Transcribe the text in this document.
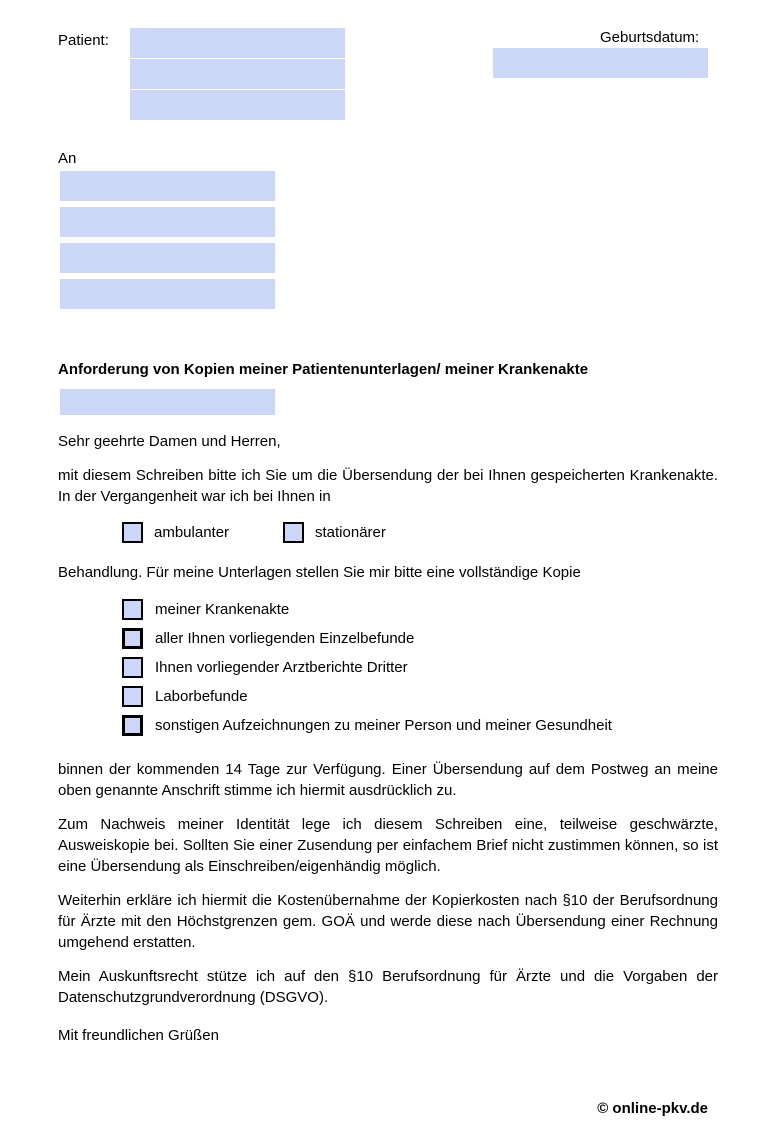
Patient:	Geburtsdatum:
An
Anforderung von Kopien meiner Patientenunterlagen/ meiner Krankenakte
Sehr geehrte Damen und Herren,
mit diesem Schreiben bitte ich Sie um die Übersendung der bei Ihnen gespeicherten Krankenakte. In der Vergangenheit war ich bei Ihnen in
ambulanter	stationärer
Behandlung. Für meine Unterlagen stellen Sie mir bitte eine vollständige Kopie
meiner Krankenakte
aller Ihnen vorliegenden Einzelbefunde
Ihnen vorliegender Arztberichte Dritter
Laborbefunde
sonstigen Aufzeichnungen zu meiner Person und meiner Gesundheit
binnen der kommenden 14 Tage zur Verfügung. Einer Übersendung auf dem Postweg an meine oben genannte Anschrift stimme ich hiermit ausdrücklich zu.
Zum Nachweis meiner Identität lege ich diesem Schreiben eine, teilweise geschwärzte, Ausweiskopie bei. Sollten Sie einer Zusendung per einfachem Brief nicht zustimmen können, so ist eine Übersendung als Einschreiben/eigenhändig möglich.
Weiterhin erkläre ich hiermit die Kostenübernahme der Kopierkosten nach §10 der Berufsordnung für Ärzte mit den Höchstgrenzen gem. GOÄ und werde diese nach Übersendung einer Rechnung umgehend erstatten.
Mein Auskunftsrecht stütze ich auf den §10 Berufsordnung für Ärzte und die Vorgaben der Datenschutzgrundverordnung (DSGVO).
Mit freundlichen Grüßen
© online-pkv.de
